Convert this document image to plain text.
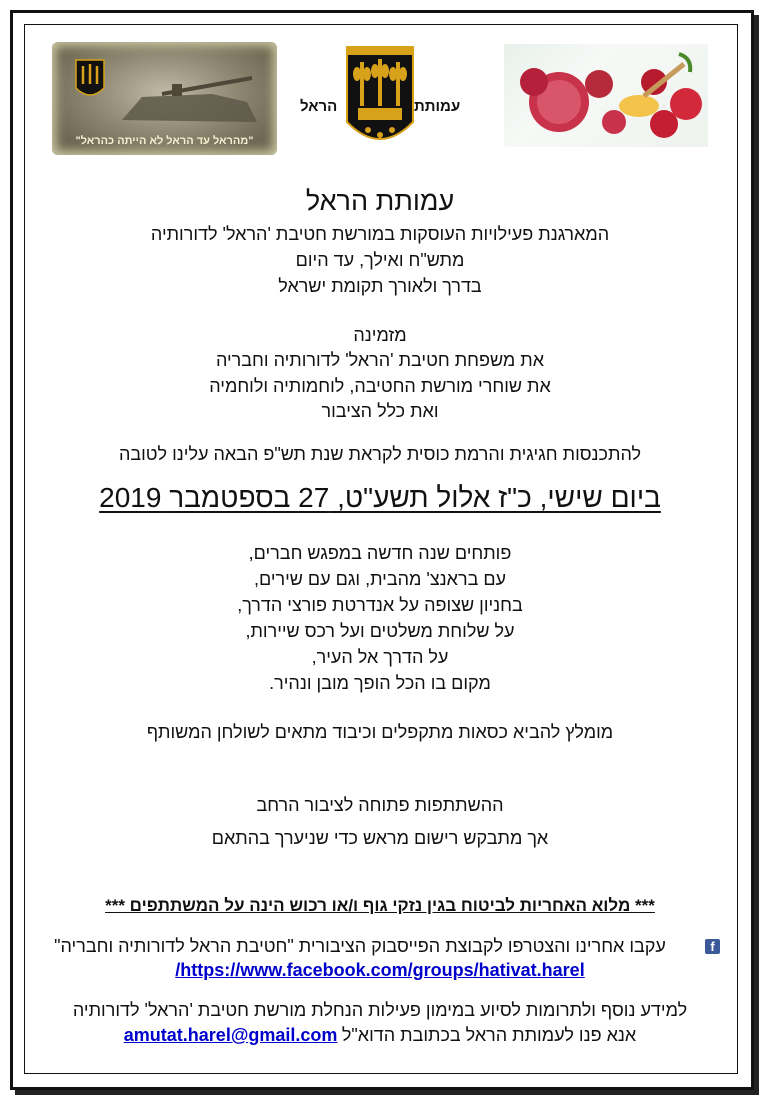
"מהראל עד הראל לא הייתה כהראל"
עמותת
הראל
עמותת הראל
המארגנת פעילויות העוסקות במורשת חטיבת 'הראל' לדורותיה
מתש"ח ואילך, עד היום
בדרך ולאורך תקומת ישראל
מזמינה
את משפחת חטיבת 'הראל' לדורותיה וחבריה
את שוחרי מורשת החטיבה, לוחמותיה ולוחמיה
ואת כלל הציבור
להתכנסות חגיגית והרמת כוסית לקראת שנת תש"פ הבאה עלינו לטובה
ביום שישי, כ"ז אלול תשע"ט, 27 בספטמבר 2019
פותחים שנה חדשה במפגש חברים,
עם בראנצ' מהבית, וגם עם שירים,
בחניון שצופה על אנדרטת פורצי הדרך,
על שלוחת משלטים ועל רכס שיירות,
על הדרך אל העיר,
מקום בו הכל הופך מובן ונהיר.
מומלץ להביא כסאות מתקפלים וכיבוד מתאים לשולחן המשותף
ההשתתפות פתוחה לציבור הרחב
אך מתבקש רישום מראש כדי שניערך בהתאם
*** מלוא האחריות לביטוח בגין נזקי גוף ו/או רכוש הינה על המשתתפים ***
f
עקבו אחרינו והצטרפו לקבוצת הפייסבוק הציבורית "חטיבת הראל לדורותיה וחבריה"
https://www.facebook.com/groups/hativat.harel/
למידע נוסף ולתרומות לסיוע במימון פעילות הנחלת מורשת חטיבת 'הראל' לדורותיה
אנא פנו לעמותת הראל בכתובת הדוא"ל amutat.harel@gmail.com
